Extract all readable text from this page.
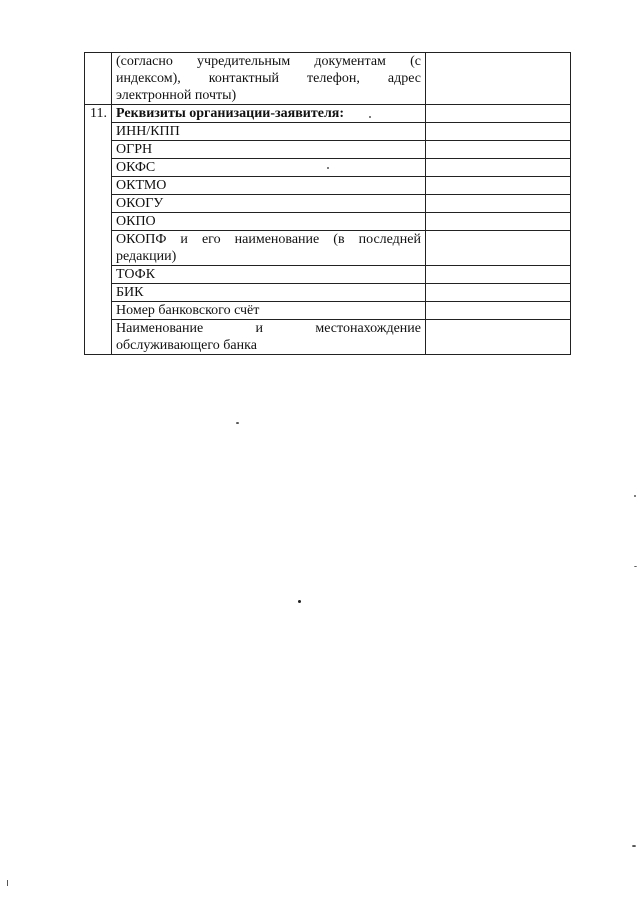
	(согласно учредительным документам (с
индексом), контактный телефон, адрес
электронной почты)	

11.	Реквизиты организации-заявителя:	
	ИНН/КПП	
	ОГРН	
	ОКФС	
	ОКТМО	
	ОКОГУ	
	ОКПО	

	ОКОПФ и его наименование (в последней
редакции)	

	ТОФК	
	БИК	
	Номер банковского счёт	

	Наименование и местонахождение
обслуживающего банка	
